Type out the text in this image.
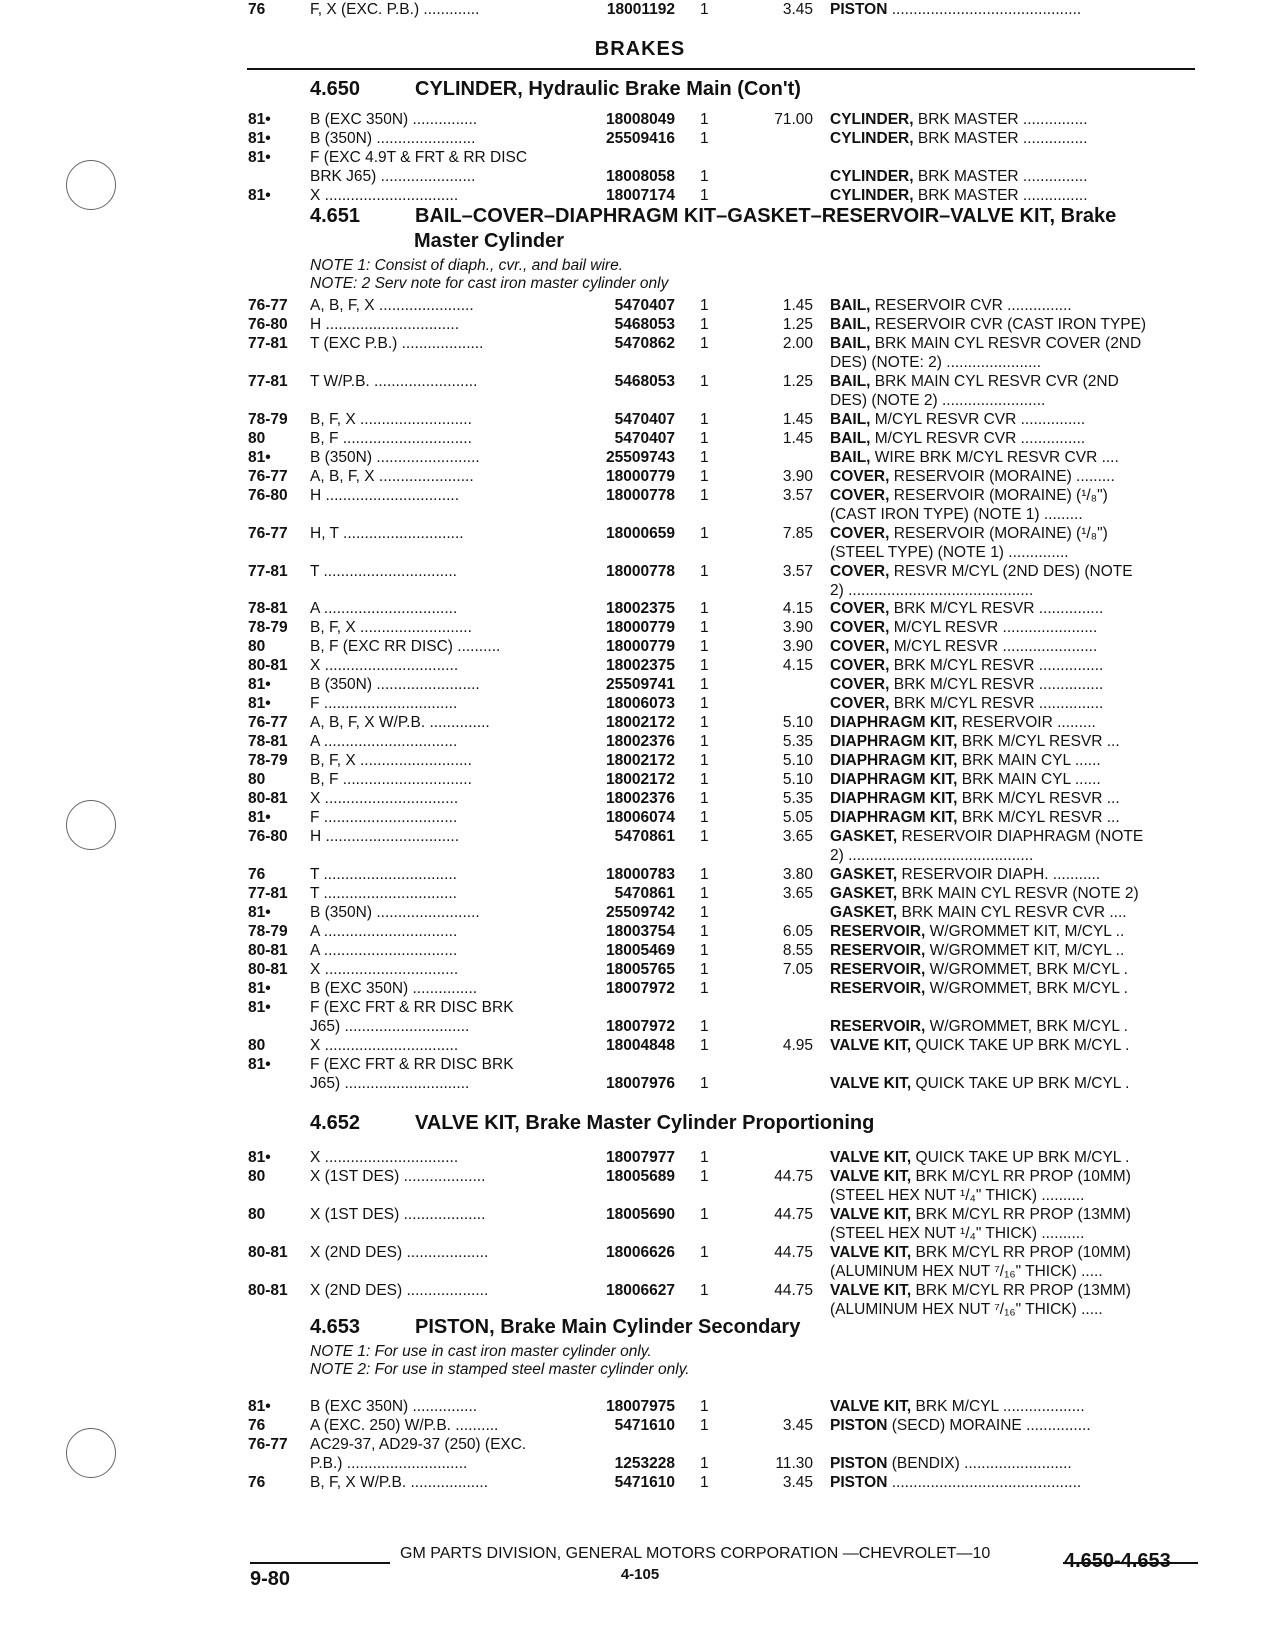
BRAKES
4.650	CYLINDER, Hydraulic Brake Main (Con't)
4.651	BAIL–COVER–DIAPHRAGM KIT–GASKET–RESERVOIR–VALVE KIT, Brake
Master Cylinder
NOTE 1: Consist of diaph., cvr., and bail wire.
NOTE: 2 Serv note for cast iron master cylinder only
4.652	VALVE KIT, Brake Master Cylinder Proportioning
4.653	PISTON, Brake Main Cylinder Secondary
NOTE 1: For use in cast iron master cylinder only.
NOTE 2: For use in stamped steel master cylinder only.
81•	B (EXC 350N) ...............	18008049 1	71.00 CYLINDER, BRK MASTER ...............
81•	B (350N) .......................	25509416 1	CYLINDER, BRK MASTER ...............
81•	F (EXC 4.9T & FRT & RR DISC
BRK J65) ......................	18008058 1	CYLINDER, BRK MASTER ...............
81•	X ...............................	18007174 1	CYLINDER, BRK MASTER ...............
76-77	A, B, F, X ......................	5470407 1	1.45 BAIL, RESERVOIR CVR ...............
76-80	H ...............................	5468053 1	1.25 BAIL, RESERVOIR CVR (CAST IRON TYPE)
77-81	T (EXC P.B.) ...................	5470862 1	2.00 BAIL, BRK MAIN CYL RESVR COVER (2ND
DES) (NOTE: 2) ......................
77-81	T W/P.B. ........................	5468053 1	1.25 BAIL, BRK MAIN CYL RESVR CVR (2ND
DES) (NOTE 2) ........................
78-79	B, F, X ..........................	5470407 1	1.45 BAIL, M/CYL RESVR CVR ...............
80	B, F ..............................	5470407 1	1.45 BAIL, M/CYL RESVR CVR ...............
81•	B (350N) ........................	25509743 1	BAIL, WIRE BRK M/CYL RESVR CVR ....
76-77	A, B, F, X ......................	18000779 1	3.90 COVER, RESERVOIR (MORAINE) .........
76-80	H ...............................	18000778 1	3.57 COVER, RESERVOIR (MORAINE) (¹/₈")
(CAST IRON TYPE) (NOTE 1) .........
76-77	H, T ............................	18000659 1	7.85 COVER, RESERVOIR (MORAINE) (¹/₈")
(STEEL TYPE) (NOTE 1) ..............
77-81	T ...............................	18000778 1	3.57 COVER, RESVR M/CYL (2ND DES) (NOTE
2) ...........................................
78-81	A ...............................	18002375 1	4.15 COVER, BRK M/CYL RESVR ...............
78-79	B, F, X ..........................	18000779 1	3.90 COVER, M/CYL RESVR ......................
80	B, F (EXC RR DISC) ..........	18000779 1	3.90 COVER, M/CYL RESVR ......................
80-81	X ...............................	18002375 1	4.15 COVER, BRK M/CYL RESVR ...............
81•	B (350N) ........................	25509741 1	COVER, BRK M/CYL RESVR ...............
81•	F ...............................	18006073 1	COVER, BRK M/CYL RESVR ...............
76-77	A, B, F, X W/P.B. ..............	18002172 1	5.10 DIAPHRAGM KIT, RESERVOIR .........
78-81	A ...............................	18002376 1	5.35 DIAPHRAGM KIT, BRK M/CYL RESVR ...
78-79	B, F, X ..........................	18002172 1	5.10 DIAPHRAGM KIT, BRK MAIN CYL ......
80	B, F ..............................	18002172 1	5.10 DIAPHRAGM KIT, BRK MAIN CYL ......
80-81	X ...............................	18002376 1	5.35 DIAPHRAGM KIT, BRK M/CYL RESVR ...
81•	F ...............................	18006074 1	5.05 DIAPHRAGM KIT, BRK M/CYL RESVR ...
76-80	H ...............................	5470861 1	3.65 GASKET, RESERVOIR DIAPHRAGM (NOTE
2) ...........................................
76	T ...............................	18000783 1	3.80 GASKET, RESERVOIR DIAPH. ...........
77-81	T ...............................	5470861 1	3.65 GASKET, BRK MAIN CYL RESVR (NOTE 2)
81•	B (350N) ........................	25509742 1	GASKET, BRK MAIN CYL RESVR CVR ....
78-79	A ...............................	18003754 1	6.05 RESERVOIR, W/GROMMET KIT, M/CYL ..
80-81	A ...............................	18005469 1	8.55 RESERVOIR, W/GROMMET KIT, M/CYL ..
80-81	X ...............................	18005765 1	7.05 RESERVOIR, W/GROMMET, BRK M/CYL .
81•	B (EXC 350N) ...............	18007972 1	RESERVOIR, W/GROMMET, BRK M/CYL .
81•	F (EXC FRT & RR DISC BRK
J65) .............................	18007972 1	RESERVOIR, W/GROMMET, BRK M/CYL .
80	X ...............................	18004848 1	4.95 VALVE KIT, QUICK TAKE UP BRK M/CYL .
81•	F (EXC FRT & RR DISC BRK
J65) .............................	18007976 1	VALVE KIT, QUICK TAKE UP BRK M/CYL .
81•	X ...............................	18007977 1	VALVE KIT, QUICK TAKE UP BRK M/CYL .
80	X (1ST DES) ...................	18005689 1	44.75 VALVE KIT, BRK M/CYL RR PROP (10MM)
(STEEL HEX NUT ¹/₄" THICK) ..........
80	X (1ST DES) ...................	18005690 1	44.75 VALVE KIT, BRK M/CYL RR PROP (13MM)
(STEEL HEX NUT ¹/₄" THICK) ..........
80-81	X (2ND DES) ...................	18006626 1	44.75 VALVE KIT, BRK M/CYL RR PROP (10MM)
(ALUMINUM HEX NUT ⁷/₁₆" THICK) .....
80-81	X (2ND DES) ...................	18006627 1	44.75 VALVE KIT, BRK M/CYL RR PROP (13MM)
(ALUMINUM HEX NUT ⁷/₁₆" THICK) .....
81•	B (EXC 350N) ...............	18007975 1	VALVE KIT, BRK M/CYL ...................
76	A (EXC. 250) W/P.B. ..........	5471610 1	3.45 PISTON (SECD) MORAINE ...............
76-77	AC29-37, AD29-37 (250) (EXC.
P.B.) ............................	1253228 1	11.30 PISTON (BENDIX) .........................
76	B, F, X W/P.B. ..................	5471610 1	3.45 PISTON ............................................
76	F, X (EXC. P.B.) .............	18001192 1	3.45 PISTON ............................................
GM PARTS DIVISION, GENERAL MOTORS CORPORATION —CHEVROLET—10
4-105
9-80
4.650-4.653
